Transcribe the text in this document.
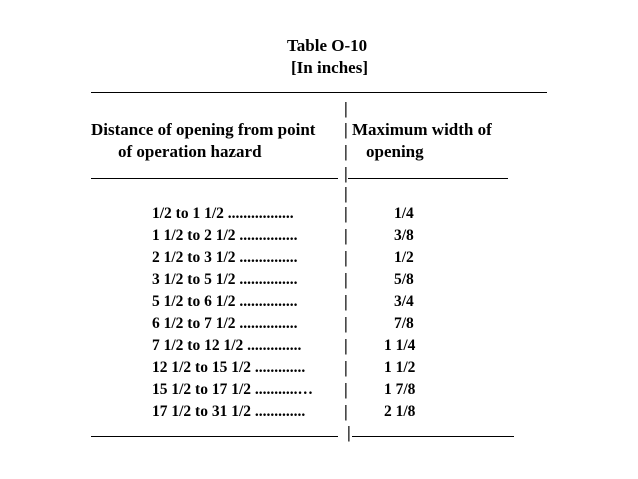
Table O-10
[In inches]
|
Distance of opening from point | Maximum width of
of operation hazard	| opening
|
|
1/2 to 1 1/2 .................	|	1/4
1 1/2 to 2 1/2 ...............	|	3/8
2 1/2 to 3 1/2 ...............	|	1/2
3 1/2 to 5 1/2 ...............	|	5/8
5 1/2 to 6 1/2 ...............	|	3/4
6 1/2 to 7 1/2 ...............	|	7/8
7 1/2 to 12 1/2 ..............	| 1 1/4
12 1/2 to 15 1/2 ............. | 1 1/2
15 1/2 to 17 1/2 ...........… | 1 7/8
17 1/2 to 31 1/2 ............. | 2 1/8
|
